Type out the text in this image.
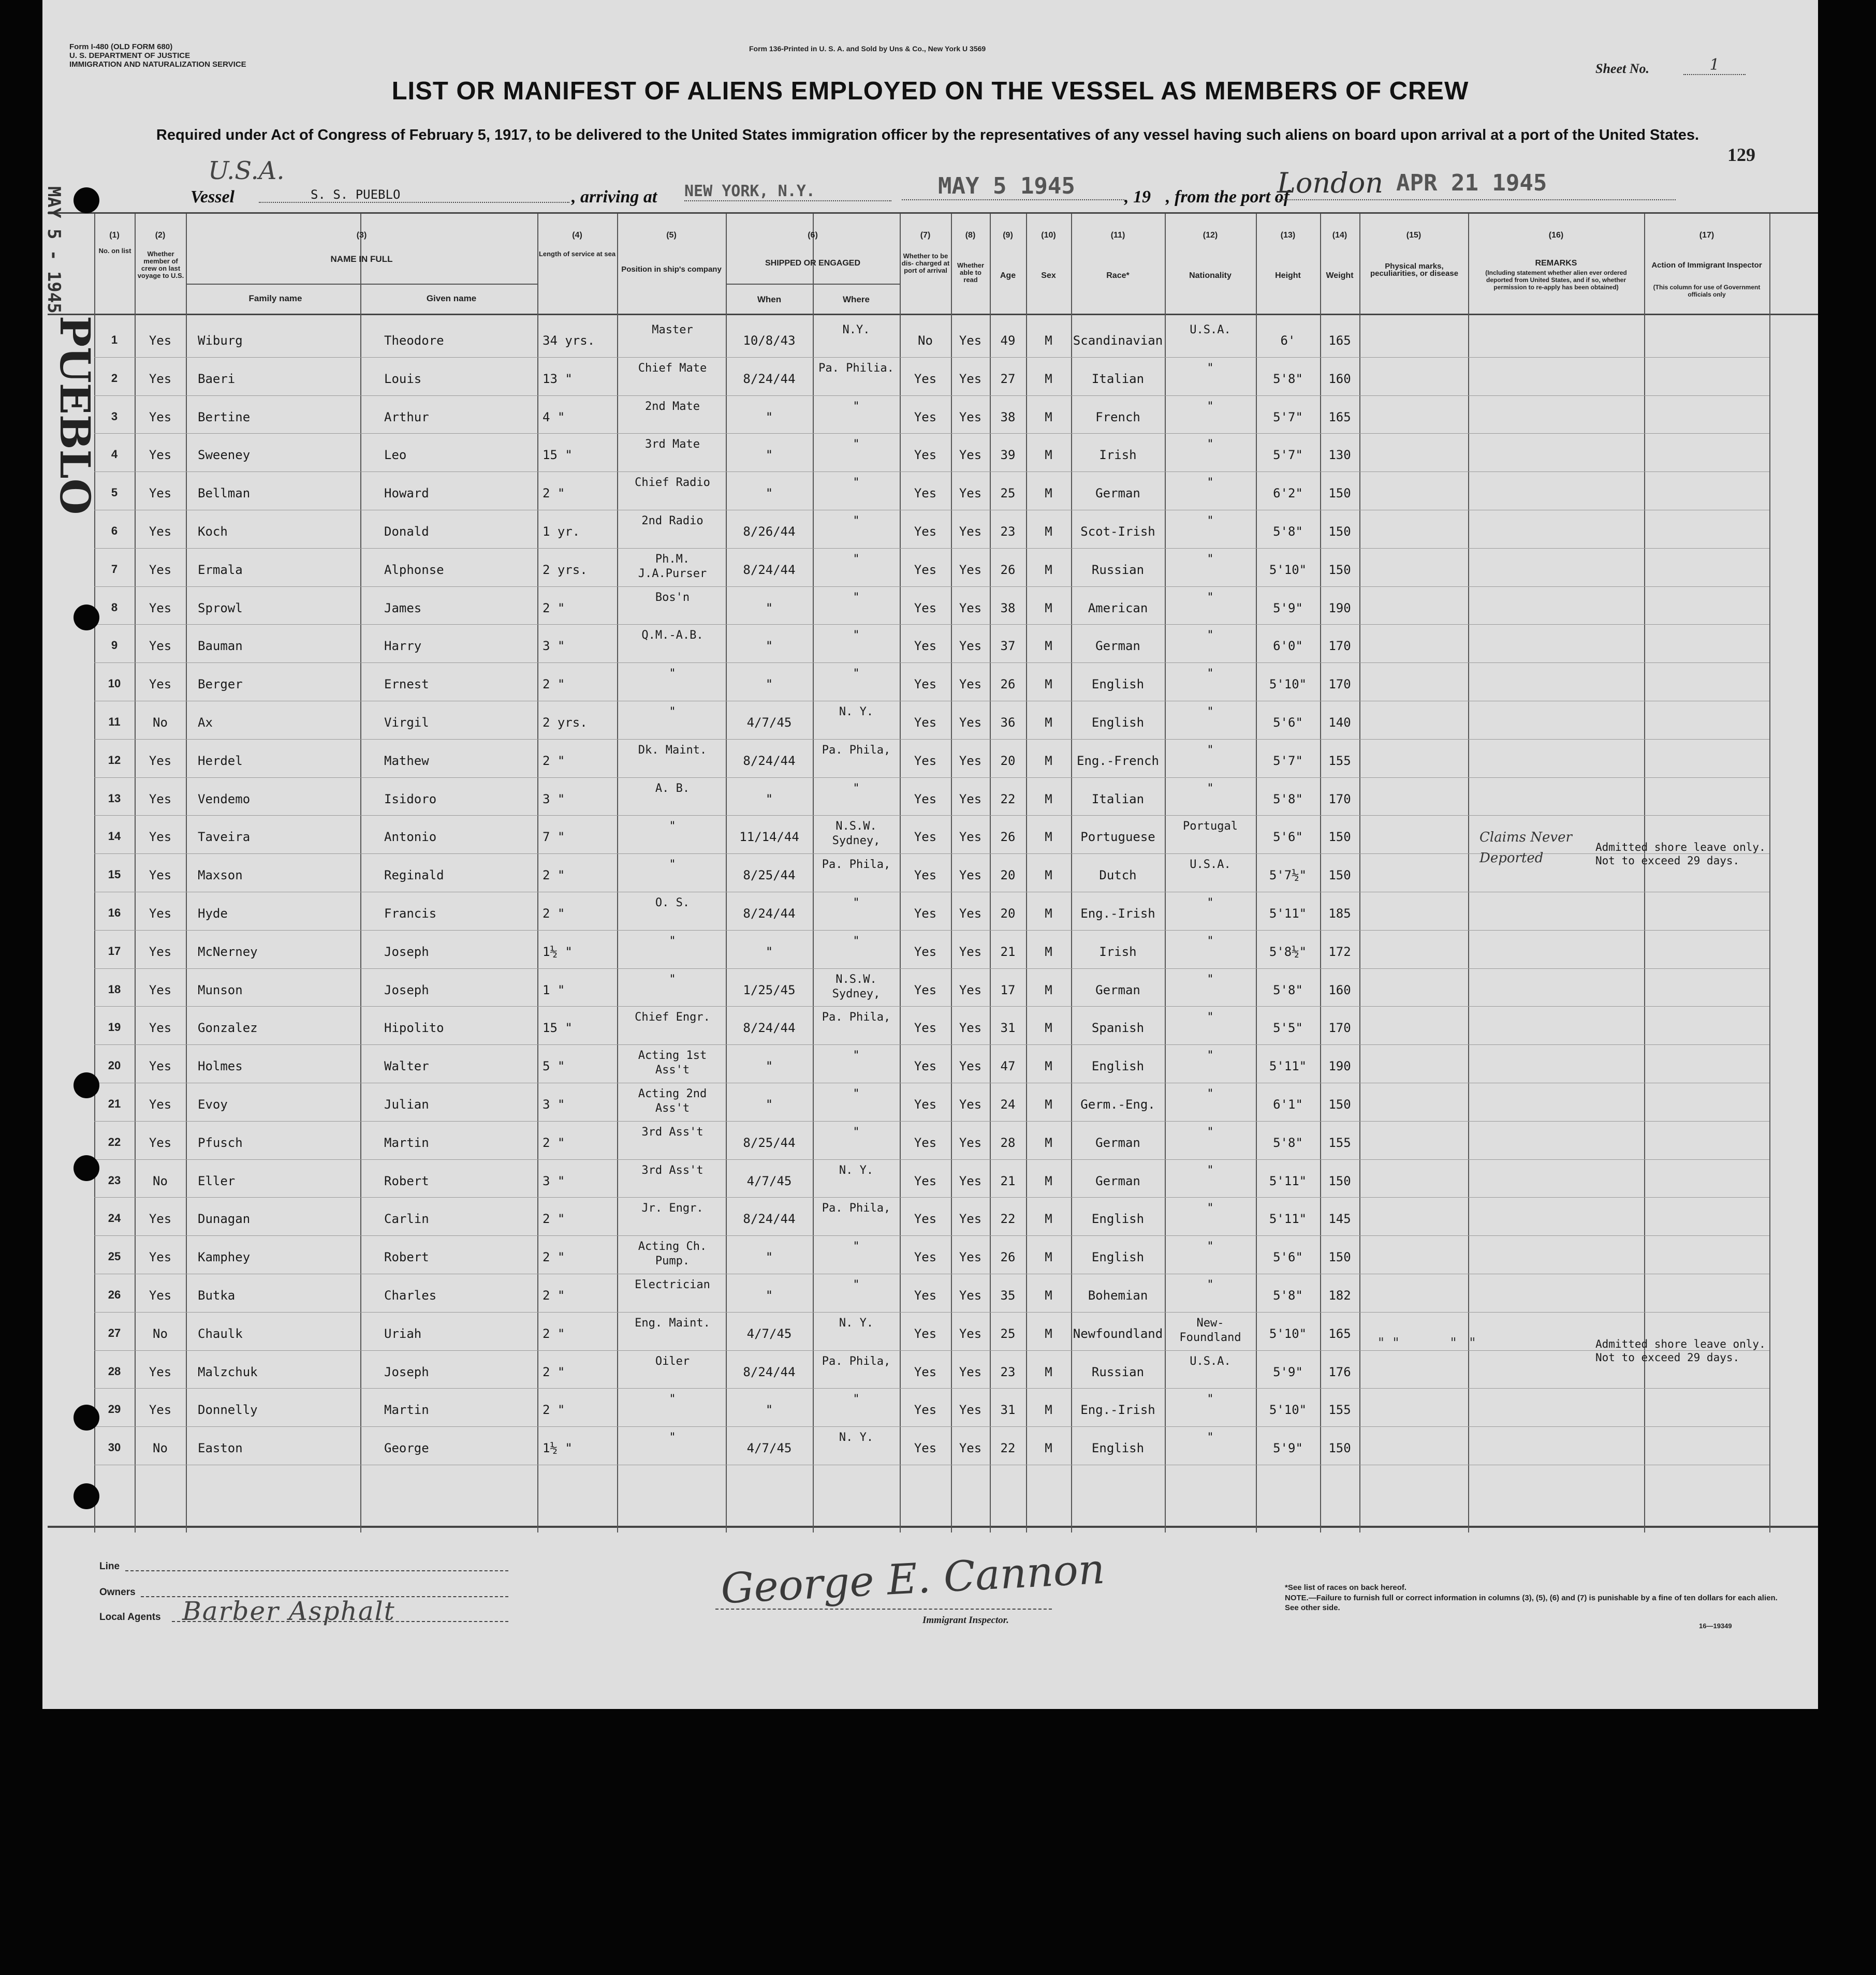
Form I-480 (OLD FORM 680)
U. S. DEPARTMENT OF JUSTICE
IMMIGRATION AND NATURALIZATION SERVICE
Form 136-Printed in U. S. A. and Sold by Uns & Co., New York U 3569
Sheet No.	1
LIST OR MANIFEST OF ALIENS EMPLOYED ON THE VESSEL AS MEMBERS OF CREW
Required under Act of Congress of February 5, 1917, to be delivered to the United States immigration officer by the representatives of any vessel having such aliens on board upon arrival at a port of the United States.
129
U.S.A.
Vessel	S. S. PUEBLO	, arriving at NEW YORK, N.Y.	MAY 5 1945	, 19 , from the port of
London APR 21 1945
(1)	(2)	(3)	(4)	(5)	(6)	(7)	(8)	(9)	(10)	(11)	(12)	(13)	(14)	(15)	(16)	(17)
No. on list	Whether member of crew on last voyage to U.S.
NAME IN FULL
Family name	Given name
Length of service at sea
Position in ship's company
SHIPPED OR ENGAGED
When	Where
Whether to be dis- charged at port of arrival
Whether able to read	Age	Sex	Race*	Nationality	Height	Weight
Physical marks, peculiarities, or disease
REMARKS
(Including statement whether alien ever ordered deported from United States, and if so, whether permission to re-apply has been obtained)
Action of Immigrant Inspector
(This column for use of Government officials only
1	Yes	Wiburg	Theodore	34 yrs.
Master
10/8/43
N.Y.
No	Yes	49	M	Scandinavian
U.S.A.
6'	165
2	Yes	Baeri	Louis	13 "
Chief Mate
8/24/44
Pa. Philia.
Yes	Yes	27	M	Italian
"
5'8"	160
3	Yes	Bertine	Arthur	4 "
2nd Mate
"
"
Yes	Yes	38	M	French
"
5'7"	165
4	Yes	Sweeney	Leo	15 "
3rd Mate
"
"
Yes	Yes	39	M	Irish
"
5'7"	130
5	Yes	Bellman	Howard	2 "
Chief Radio
"
"
Yes	Yes	25	M	German
"
6'2"	150
6	Yes	Koch	Donald	1 yr.
2nd Radio
8/26/44
"
Yes	Yes	23	M	Scot-Irish
"
5'8"	150
7	Yes	Ermala	Alphonse	2 yrs.
Ph.M. J.A.Purser	8/24/44
"
Yes	Yes	26	M	Russian
"
5'10"	150
8	Yes	Sprowl	James	2 "
Bos'n
"
"
Yes	Yes	38	M	American
"
5'9"	190
9	Yes	Bauman	Harry	3 "
Q.M.-A.B.
"
"
Yes	Yes	37	M	German
"
6'0"	170
10	Yes	Berger	Ernest	2 "
"
"
"
Yes	Yes	26	M	English
"
5'10"	170
11	No	Ax	Virgil	2 yrs.
"
4/7/45
N. Y.
Yes	Yes	36	M	English
"
5'6"	140
12	Yes	Herdel	Mathew	2 "
Dk. Maint.
8/24/44
Pa. Phila,
Yes	Yes	20	M	Eng.-French
"
5'7"	155
13	Yes	Vendemo	Isidoro	3 "
A. B.
"
"
Yes	Yes	22	M	Italian
"
5'8"	170
14	Yes	Taveira	Antonio	7 "
"
11/14/44
N.S.W. Sydney,	Yes	Yes	26	M	Portuguese
Portugal
5'6"	150
15	Yes	Maxson	Reginald	2 "
"
8/25/44
Pa. Phila,
Yes	Yes	20	M	Dutch
U.S.A.
5'7½"	150
16	Yes	Hyde	Francis	2 "
O. S.
8/24/44
"
Yes	Yes	20	M	Eng.-Irish
"
5'11"	185
17	Yes	McNerney	Joseph	1½ "
"
"
"
Yes	Yes	21	M	Irish
"
5'8½"	172
18	Yes	Munson	Joseph	1 "
"
1/25/45
N.S.W. Sydney,	Yes	Yes	17	M	German
"
5'8"	160
19	Yes	Gonzalez	Hipolito	15 "
Chief Engr.
8/24/44
Pa. Phila,
Yes	Yes	31	M	Spanish
"
5'5"	170
20	Yes	Holmes	Walter	5 "
Acting 1st Ass't	"
"
Yes	Yes	47	M	English
"
5'11"	190
21	Yes	Evoy	Julian	3 "
Acting 2nd Ass't	"
"
Yes	Yes	24	M	Germ.-Eng.
"
6'1"	150
22	Yes	Pfusch	Martin	2 "
3rd Ass't
8/25/44
"
Yes	Yes	28	M	German
"
5'8"	155
23	No	Eller	Robert	3 "
3rd Ass't
4/7/45
N. Y.
Yes	Yes	21	M	German
"
5'11"	150
24	Yes	Dunagan	Carlin	2 "
Jr. Engr.
8/24/44
Pa. Phila,
Yes	Yes	22	M	English
"
5'11"	145
25	Yes	Kamphey	Robert	2 "
Acting Ch. Pump.	"
"
Yes	Yes	26	M	English
"
5'6"	150
26	Yes	Butka	Charles	2 "
Electrician
"
"
Yes	Yes	35	M	Bohemian
"
5'8"	182
27	No	Chaulk	Uriah	2 "
Eng. Maint.
4/7/45
N. Y.
Yes	Yes	25	M	Newfoundland
New- Foundland	5'10"	165
28	Yes	Malzchuk	Joseph	2 "
Oiler
8/24/44
Pa. Phila,
Yes	Yes	23	M	Russian
U.S.A.
5'9"	176
29	Yes	Donnelly	Martin	2 "
"
"
"
Yes	Yes	31	M	Eng.-Irish
"
5'10"	155
30	No	Easton	George	1½ "
"
4/7/45
N. Y.
Yes	Yes	22	M	English
"
5'9"	150
Claims Never Deported
Admitted shore leave only. Not to exceed 29 days.
"  "            "   "	Admitted shore leave only. Not to exceed 29 days.
Line
Owners
Local Agents Barber Asphalt	George E. Cannon
Immigrant Inspector.
*See list of races on back hereof.
NOTE.—Failure to furnish full or correct information in columns (3), (5), (6) and (7) is punishable by a fine of ten dollars for each alien. See other side.
16—19349
MAY 5 - 1945
PUEBLO
